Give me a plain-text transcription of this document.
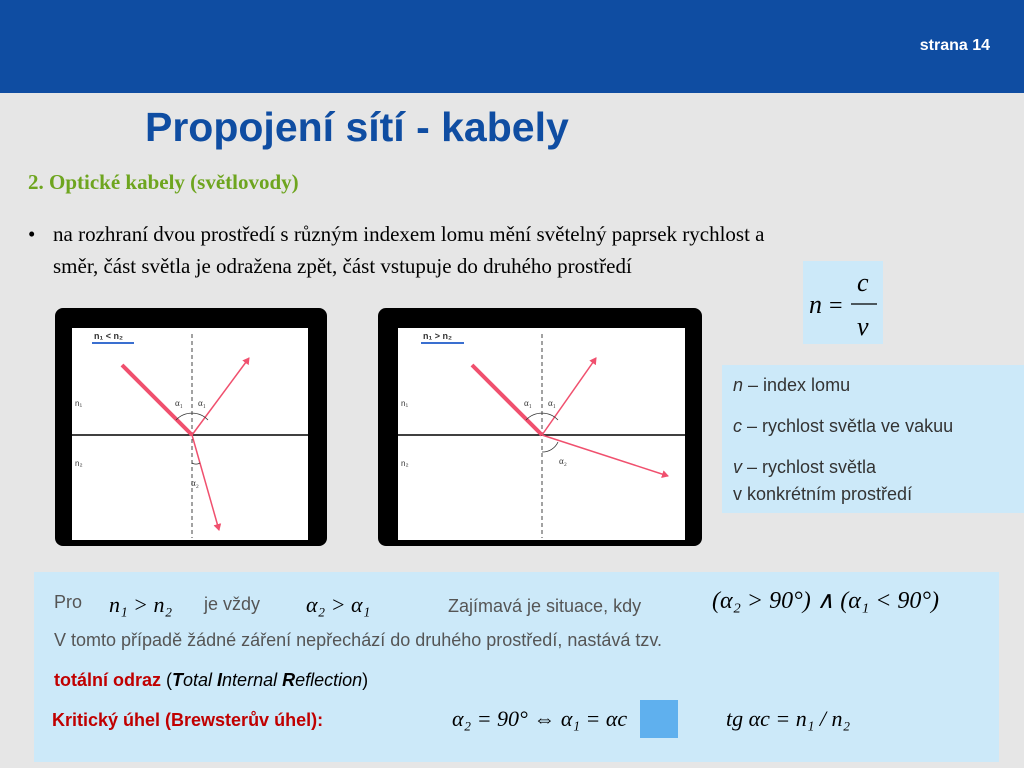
strana 14
Propojení sítí - kabely
2. Optické kabely (světlovody)
• na rozhraní dvou prostředí s různým indexem lomu mění světelný paprsek rychlost a
směr, část světla je odražena zpět, část vstupuje do druhého prostředí
n =
c
v
n₁ < n₂
n₁
n₂
α₁ α₁
α₂
n₁ > n₂
n₁
n₂
α₁ α₁
α₂
n – index lomu
c – rychlost světla ve vakuu
v – rychlost světla
v konkrétním prostředí
Pro n₁ > n₂ je vždy α₂ > α₁	Zajímavá je situace, kdy	(α₂ > 90°) ∧ (α₁ < 90°)
V tomto případě žádné záření nepřechází do druhého prostředí, nastává tzv.
totální odraz (Total Internal Reflection)
Kritický úhel (Brewsterův úhel):	α₂ = 90° ⇔ α₁ = αc	tg αc = n₁ / n₂
